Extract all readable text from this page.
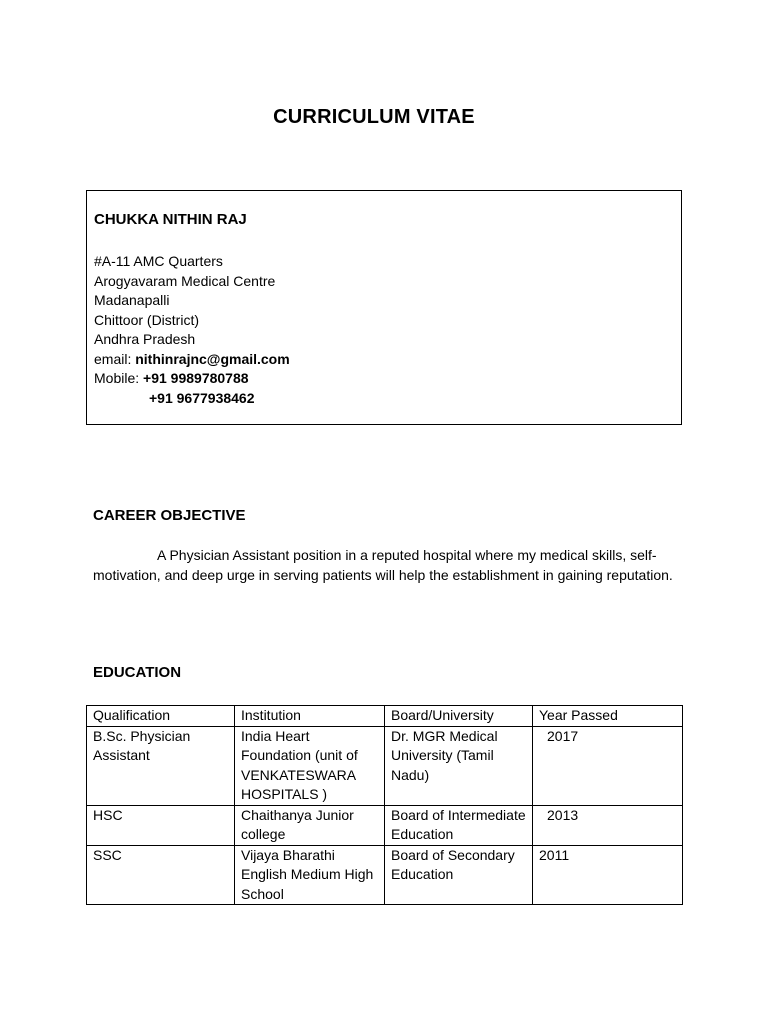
CURRICULUM VITAE
CHUKKA NITHIN RAJ
#A-11 AMC Quarters
Arogyavaram Medical Centre
Madanapalli
Chittoor (District)
Andhra Pradesh
email: nithinrajnc@gmail.com
Mobile: +91 9989780788
+91 9677938462
CAREER OBJECTIVE
A Physician Assistant position in a reputed hospital where my medical skills, self-motivation, and deep urge in serving patients will help the establishment in gaining reputation.
EDUCATION
Qualification	Institution	Board/University	Year Passed
B.Sc. Physician Assistant	India Heart Foundation (unit of VENKATESWARA HOSPITALS )	Dr. MGR Medical University (Tamil Nadu)	2017
HSC	Chaithanya Junior college	Board of Intermediate Education	2013
SSC	Vijaya Bharathi English Medium High School	Board of Secondary Education	2011
